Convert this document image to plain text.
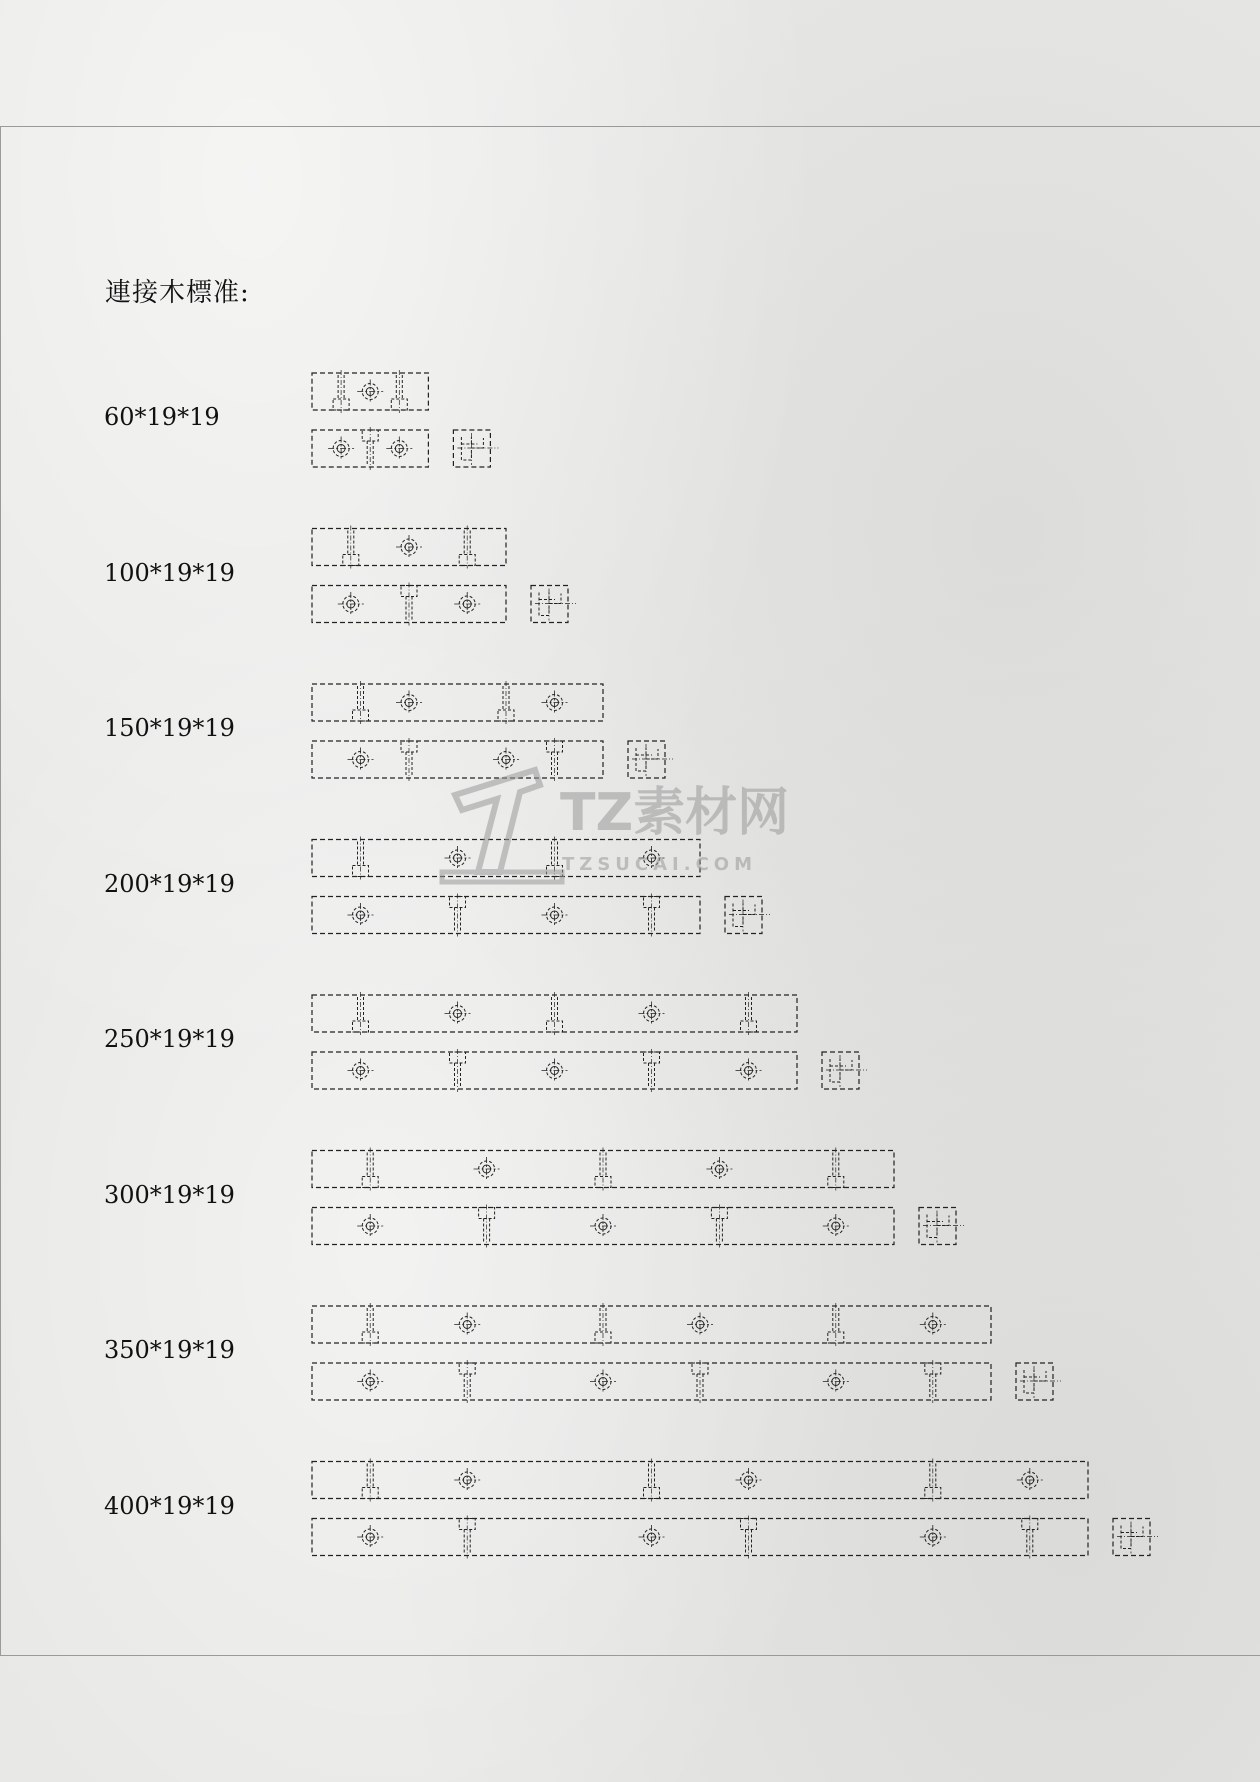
連接木標准:
60*19*19
100*19*19
150*19*19
200*19*19
250*19*19
300*19*19
350*19*19
400*19*19
TZ素材网
TZSUCAI.COM
